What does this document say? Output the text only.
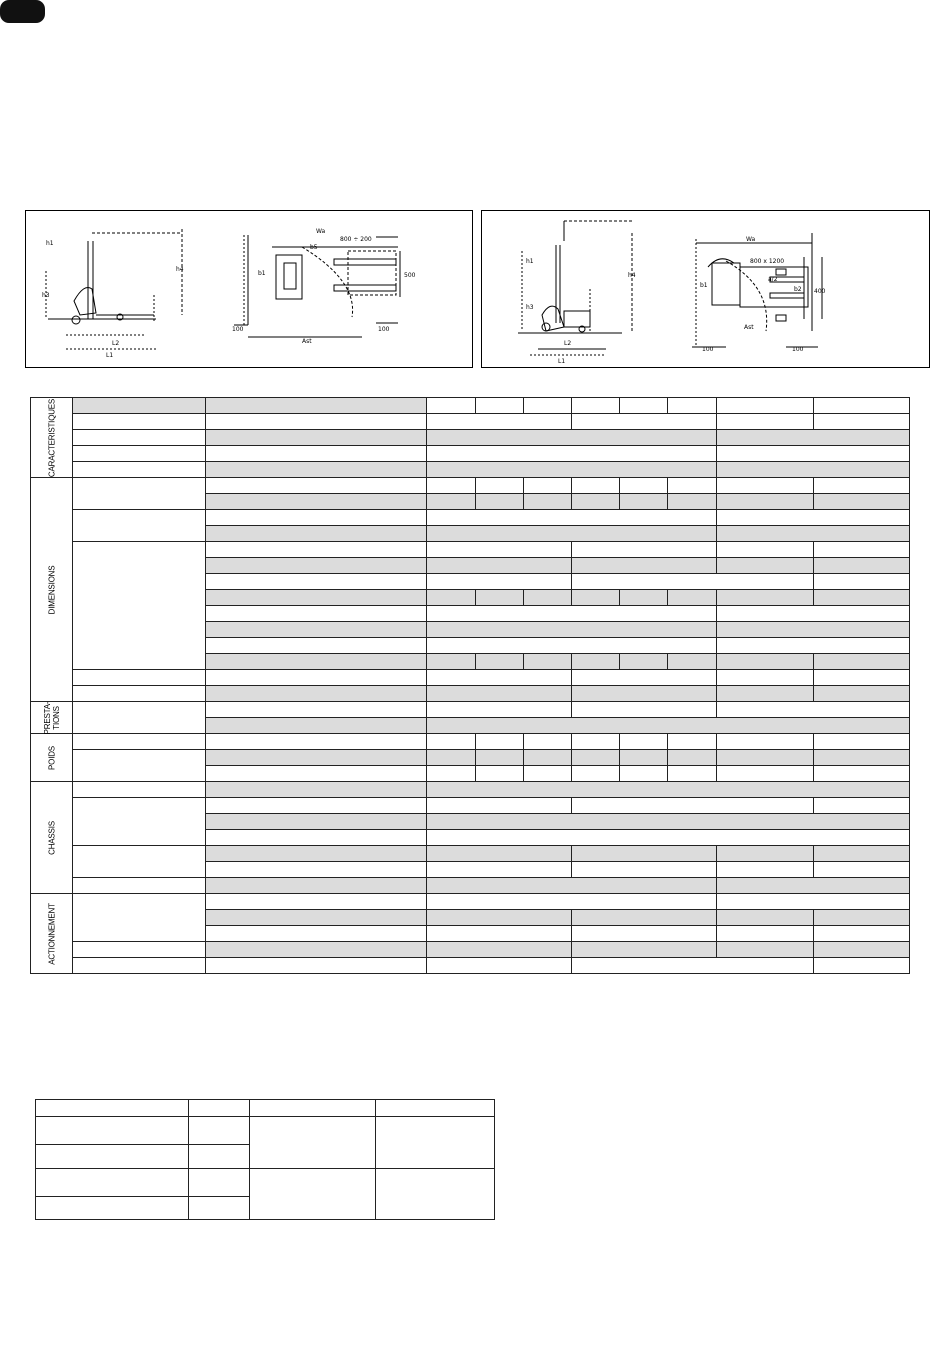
h1
h3
h4
L2
L1
b1
b5
800 ÷ 200
500
100	100
Ast
Wa
h1
h3
h4
L2
L1
b1
b2
800 x 1200
100	100
400
Ast
Wa
a/2
CARACTERISTIQUES										

DIMENSIONS										

PRESTA- TIONS										

POIDS										

CHASSIS										

ACTIONNEMENT										
